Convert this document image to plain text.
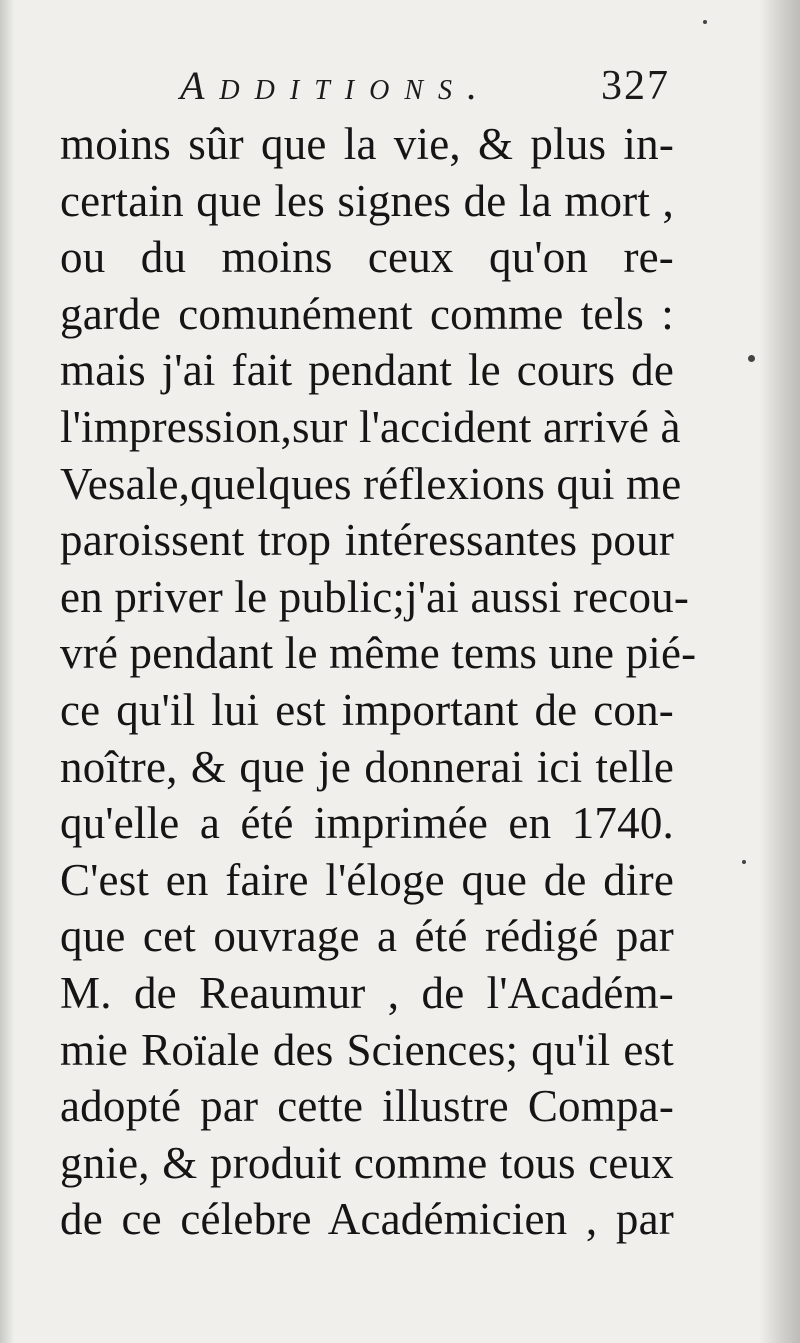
Additions.	327
moins sûr que la vie, & plus in-
certain que les signes de la mort ,
ou du moins ceux qu'on re-
garde comunément comme tels :
mais j'ai fait pendant le cours de
l'impression,sur l'accident arrivé à
Vesale,quelques réflexions qui me
paroissent trop intéressantes pour
en priver le public;j'ai aussi recou-
vré pendant le même tems une pié-
ce qu'il lui est important de con-
noître, & que je donnerai ici telle
qu'elle a été imprimée en 1740.
C'est en faire l'éloge que de dire
que cet ouvrage a été rédigé par
M. de Reaumur , de l'Académ-
mie Roïale des Sciences; qu'il est
adopté par cette illustre Compa-
gnie, & produit comme tous ceux
de ce célebre Académicien , par
